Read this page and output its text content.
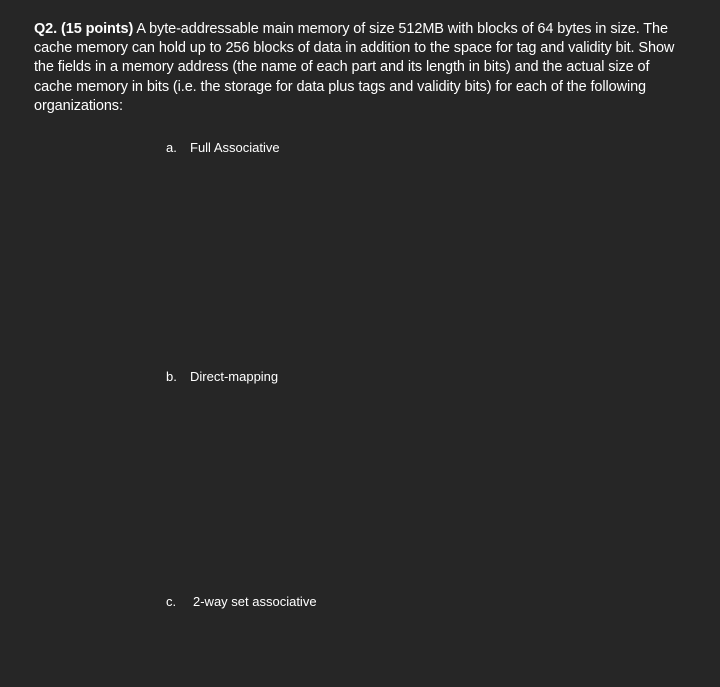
Q2. (15 points) A byte-addressable main memory of size 512MB with blocks of 64 bytes in size. The cache memory can hold up to 256 blocks of data in addition to the space for tag and validity bit. Show the fields in a memory address (the name of each part and its length in bits) and the actual size of cache memory in bits (i.e. the storage for data plus tags and validity bits) for each of the following organizations:
a. Full Associative
b. Direct-mapping
c. 2-way set associative
